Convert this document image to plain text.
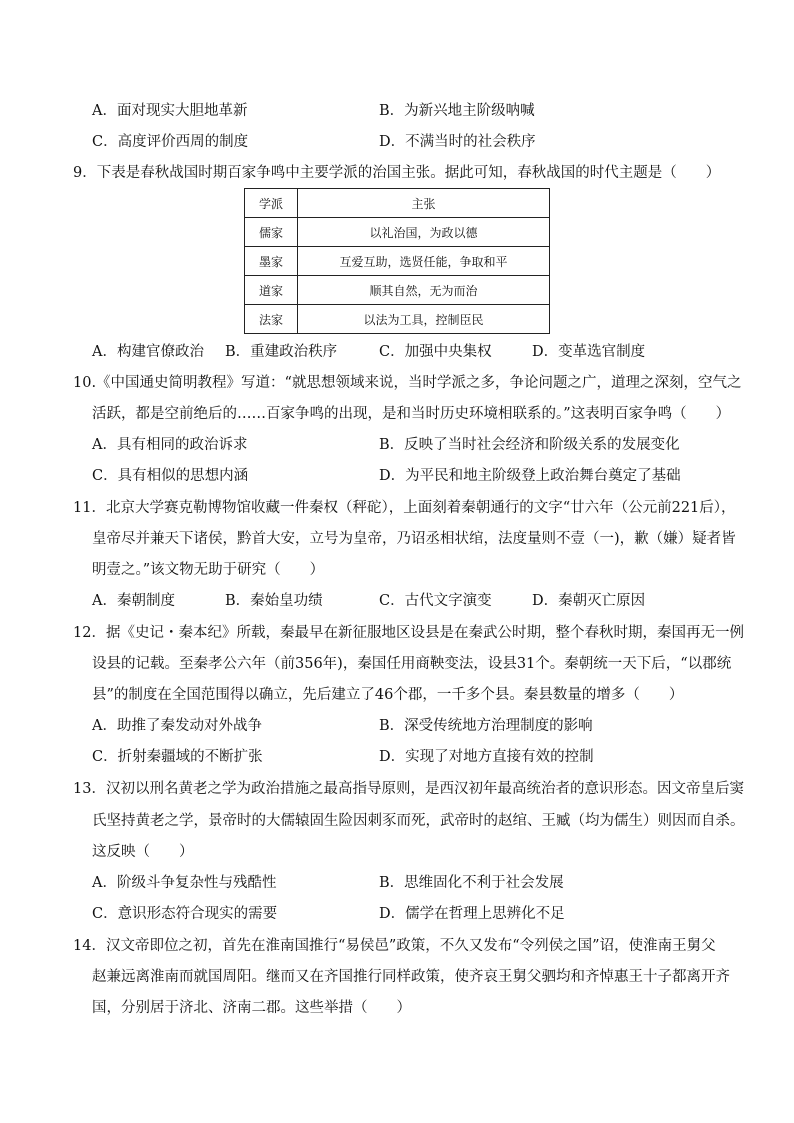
A．面对现实大胆地革新	B．为新兴地主阶级呐喊
C．高度评价西周的制度	D．不满当时的社会秩序
9．下表是春秋战国时期百家争鸣中主要学派的治国主张。据此可知，春秋战国的时代主题是（　　）
学派	主张
儒家	以礼治国，为政以德
墨家	互爱互助，选贤任能，争取和平
道家	顺其自然，无为而治
法家	以法为工具，控制臣民
A．构建官僚政治 B．重建政治秩序	C．加强中央集权	D．变革选官制度
10.《中国通史简明教程》写道：“就思想领域来说，当时学派之多，争论问题之广，道理之深刻，空气之
活跃，都是空前绝后的……百家争鸣的出现，是和当时历史环境相联系的。”这表明百家争鸣（　　）
A．具有相同的政治诉求	B．反映了当时社会经济和阶级关系的发展变化
C．具有相似的思想内涵	D．为平民和地主阶级登上政治舞台奠定了基础
11．北京大学赛克勒博物馆收藏一件秦权（秤砣），上面刻着秦朝通行的文字“廿六年（公元前221后），
皇帝尽并兼天下诸侯，黔首大安，立号为皇帝，乃诏丞相状绾，法度量则不壹（一)，歉（嫌）疑者皆
明壹之。”该文物无助于研究（　　）
A．秦朝制度	B．秦始皇功绩	C．古代文字演变	D．秦朝灭亡原因
12．据《史记・秦本纪》所载，秦最早在新征服地区设县是在秦武公时期，整个春秋时期，秦国再无一例
设县的记载。至秦孝公六年（前356年)，秦国任用商鞅变法，设县31个。秦朝统一天下后，“以郡统
县”的制度在全国范围得以确立，先后建立了46个郡，一千多个县。秦县数量的增多（　　）
A．助推了秦发动对外战争	B．深受传统地方治理制度的影响
C．折射秦疆域的不断扩张	D．实现了对地方直接有效的控制
13．汉初以刑名黄老之学为政治措施之最高指导原则，是西汉初年最高统治者的意识形态。因文帝皇后窦
氏坚持黄老之学，景帝时的大儒辕固生险因刺豕而死，武帝时的赵绾、王臧（均为儒生）则因而自杀。
这反映（　　）
A．阶级斗争复杂性与残酷性	B．思维固化不利于社会发展
C．意识形态符合现实的需要	D．儒学在哲理上思辨化不足
14．汉文帝即位之初，首先在淮南国推行“易侯邑”政策，不久又发布“令列侯之国”诏，使淮南王舅父
赵兼远离淮南而就国周阳。继而又在齐国推行同样政策，使齐哀王舅父驷均和齐悼惠王十子都离开齐
国，分别居于济北、济南二郡。这些举措（　　）
